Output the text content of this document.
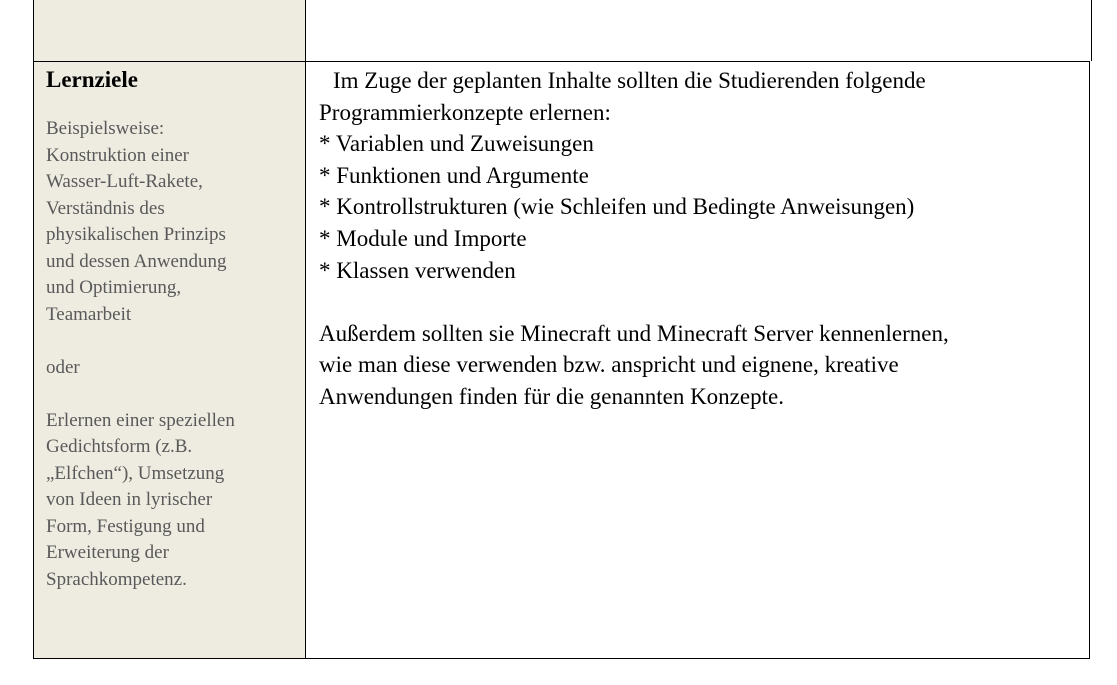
Lernziele
Beispielsweise:
Konstruktion einer
Wasser-Luft-Rakete,
Verständnis des
physikalischen Prinzips
und dessen Anwendung
und Optimierung,
Teamarbeit
oder
Erlernen einer speziellen
Gedichtsform (z.B.
„Elfchen“), Umsetzung
von Ideen in lyrischer
Form, Festigung und
Erweiterung der
Sprachkompetenz.
Im Zuge der geplanten Inhalte sollten die Studierenden folgende
Programmierkonzepte erlernen:
* Variablen und Zuweisungen
* Funktionen und Argumente
* Kontrollstrukturen (wie Schleifen und Bedingte Anweisungen)
* Module und Importe
* Klassen verwenden
Außerdem sollten sie Minecraft und Minecraft Server kennenlernen,
wie man diese verwenden bzw. anspricht und eignene, kreative
Anwendungen finden für die genannten Konzepte.
